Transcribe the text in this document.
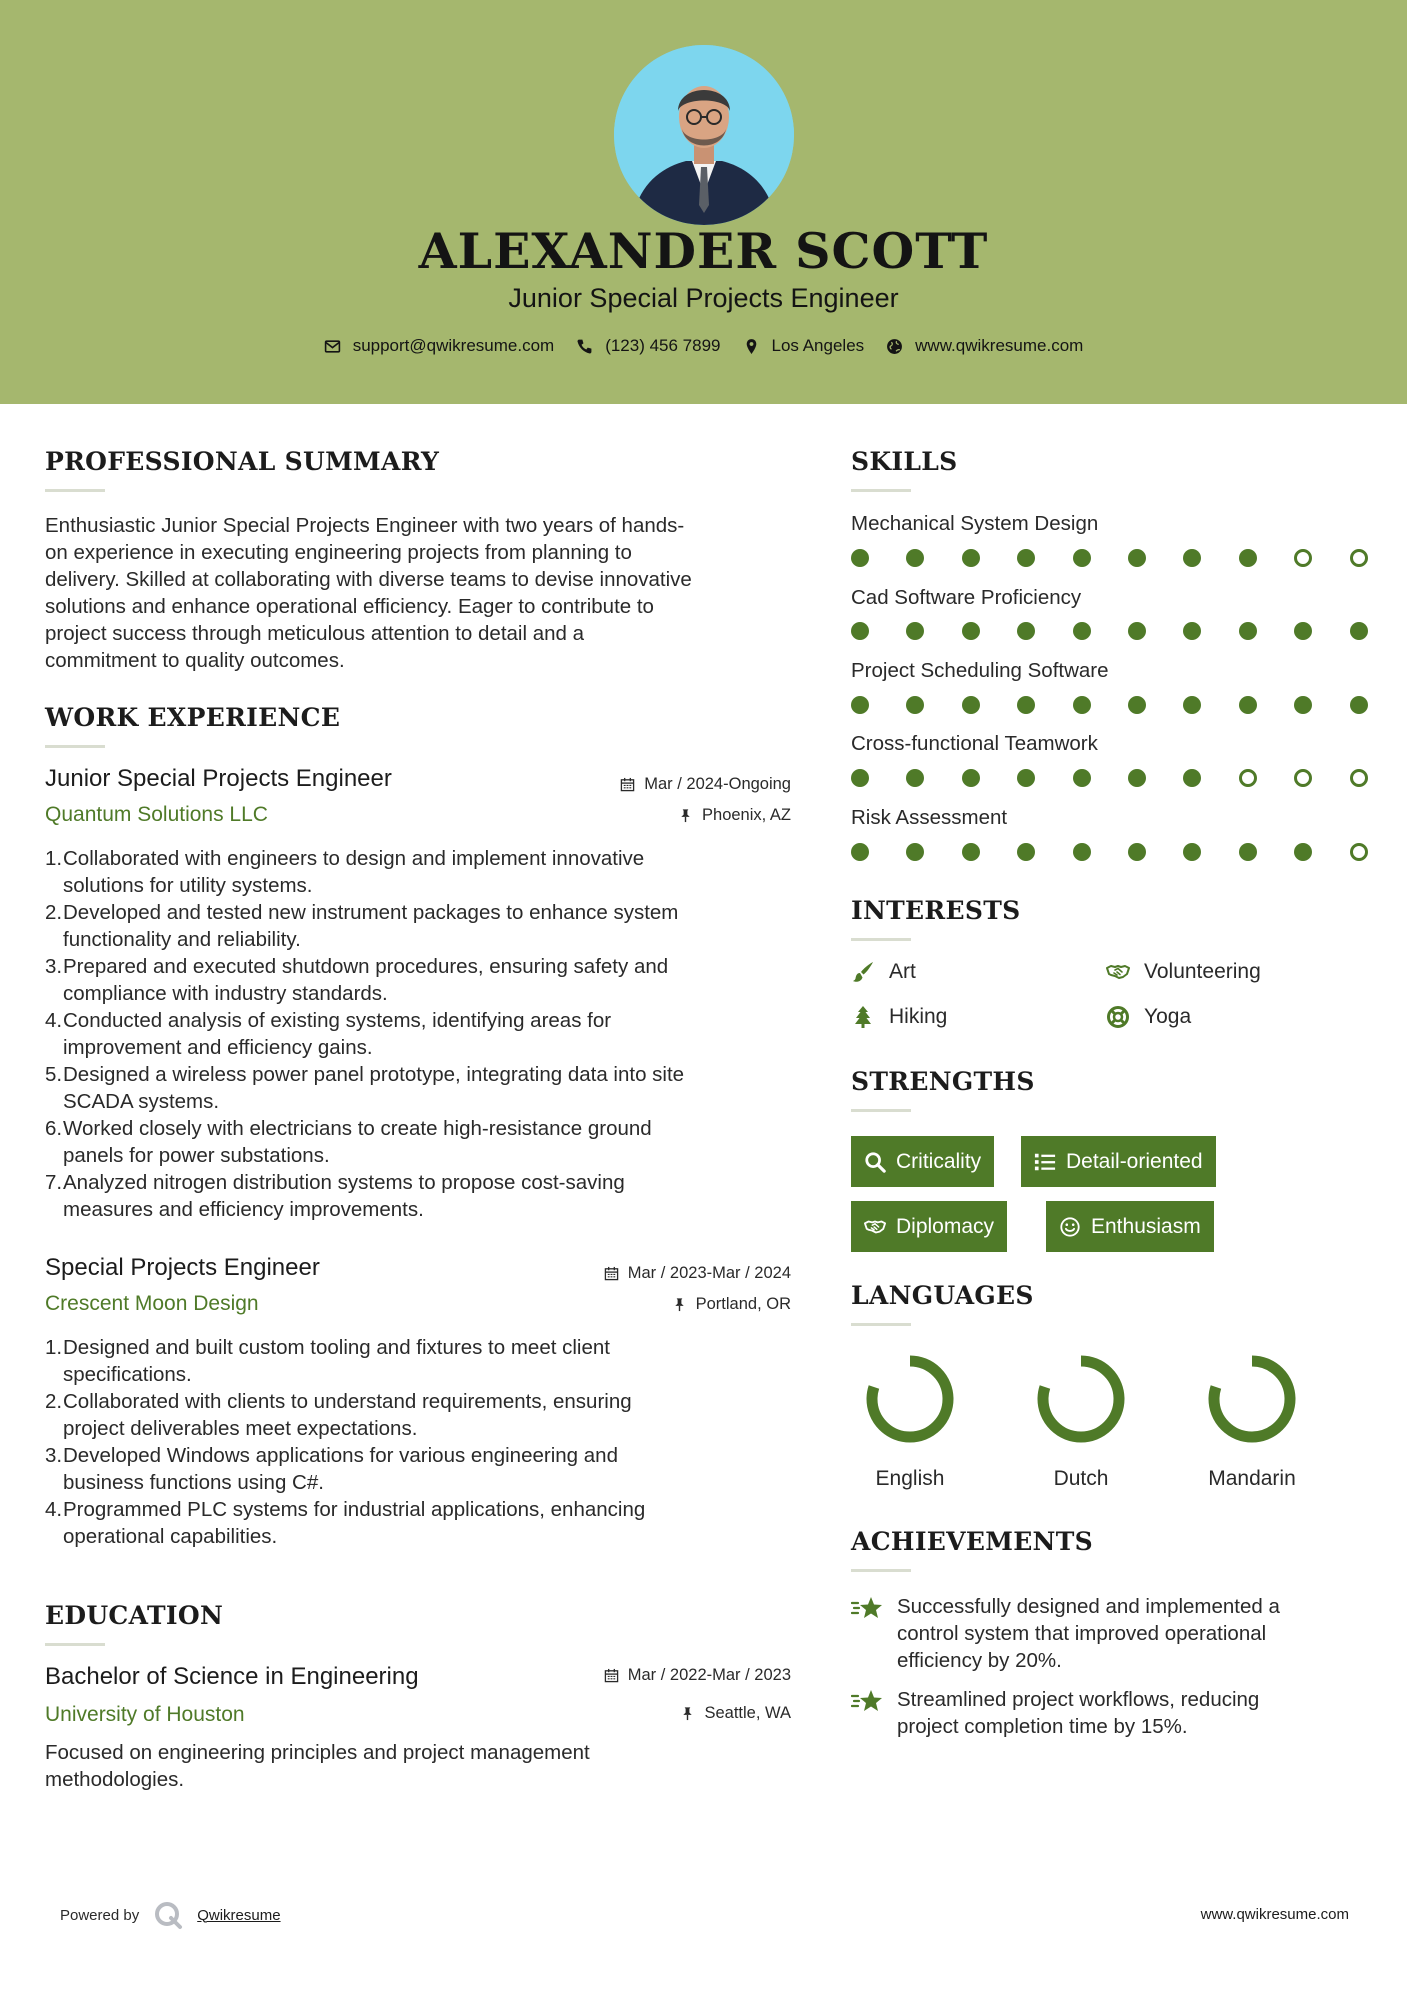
ALEXANDER SCOTT
Junior Special Projects Engineer
support@qwikresume.com	(123) 456 7899	Los Angeles	www.qwikresume.com
PROFESSIONAL SUMMARY
Enthusiastic Junior Special Projects Engineer with two years of hands-
on experience in executing engineering projects from planning to
delivery. Skilled at collaborating with diverse teams to devise innovative
solutions and enhance operational efficiency. Eager to contribute to
project success through meticulous attention to detail and a
commitment to quality outcomes.
WORK EXPERIENCE
Junior Special Projects Engineer
Quantum Solutions LLC
Mar / 2024-Ongoing
Phoenix, AZ
1. Collaborated with engineers to design and implement innovative
solutions for utility systems.
2. Developed and tested new instrument packages to enhance system
functionality and reliability.
3. Prepared and executed shutdown procedures, ensuring safety and
compliance with industry standards.
4. Conducted analysis of existing systems, identifying areas for
improvement and efficiency gains.
5. Designed a wireless power panel prototype, integrating data into site
SCADA systems.
6. Worked closely with electricians to create high-resistance ground
panels for power substations.
7. Analyzed nitrogen distribution systems to propose cost-saving
measures and efficiency improvements.
Special Projects Engineer
Crescent Moon Design
Mar / 2023-Mar / 2024
Portland, OR
1. Designed and built custom tooling and fixtures to meet client
specifications.
2. Collaborated with clients to understand requirements, ensuring
project deliverables meet expectations.
3. Developed Windows applications for various engineering and
business functions using C#.
4. Programmed PLC systems for industrial applications, enhancing
operational capabilities.
EDUCATION
Bachelor of Science in Engineering
University of Houston
Mar / 2022-Mar / 2023
Seattle, WA
Focused on engineering principles and project management
methodologies.
SKILLS
Mechanical System Design
Cad Software Proficiency
Project Scheduling Software
Cross-functional Teamwork
Risk Assessment
INTERESTS
Art	Volunteering
Hiking	Yoga
STRENGTHS
Criticality	Detail-oriented
Diplomacy	Enthusiasm
LANGUAGES
English	Dutch	Mandarin
ACHIEVEMENTS
Successfully designed and implemented a
control system that improved operational
efficiency by 20%.
Streamlined project workflows, reducing
project completion time by 15%.
Powered by	Qwikresume	www.qwikresume.com
